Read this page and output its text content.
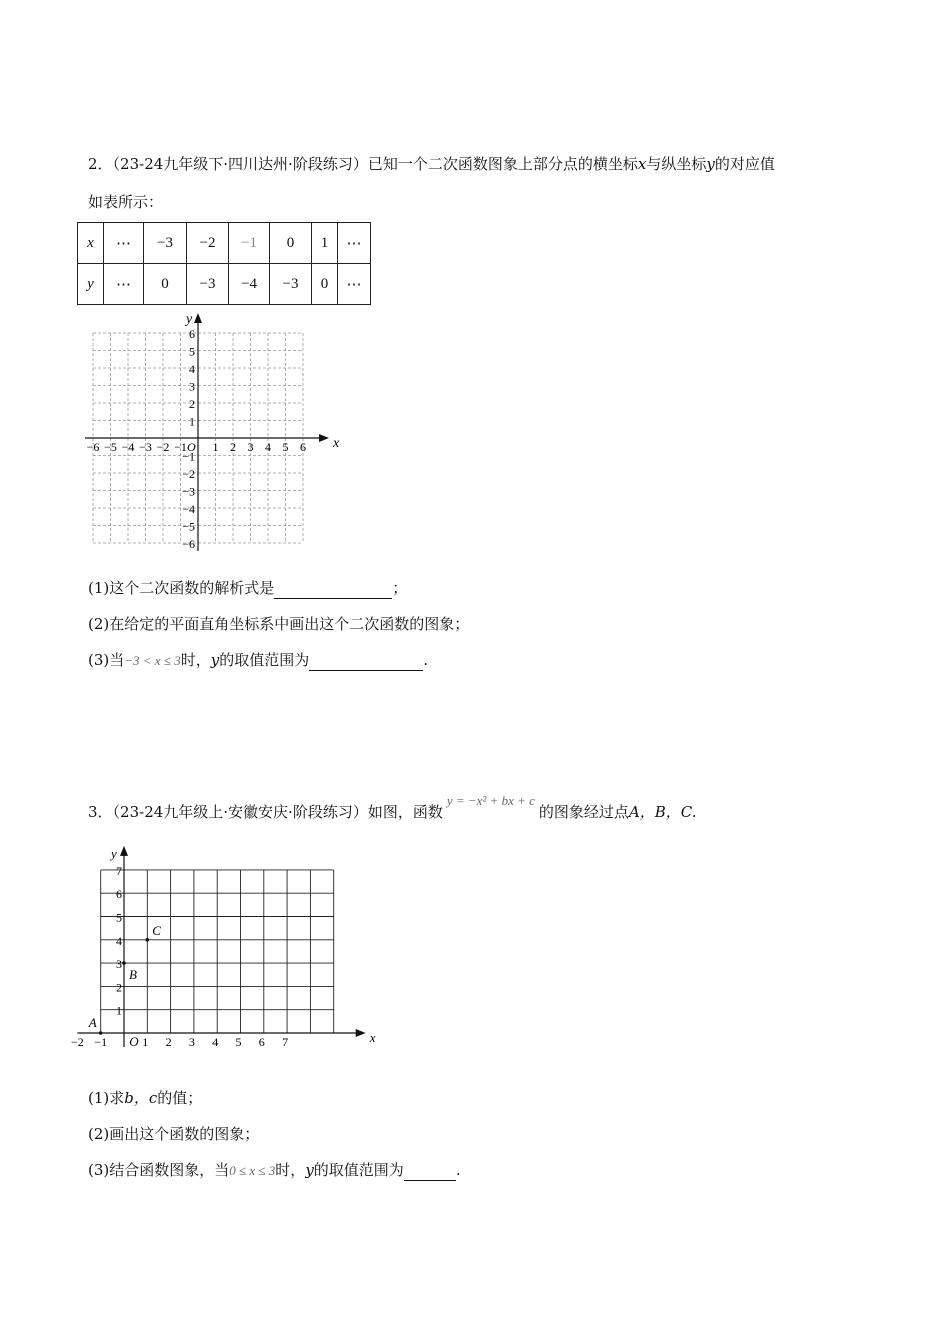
2．（23-24九年级下·四川达州·阶段练习）已知一个二次函数图象上部分点的横坐标x与纵坐标y的对应值
如表所示：
x	⋯	−3	−2	−1	0	1	⋯
y	⋯	0	−3	−4	−3	0	⋯
x
y
O
−6 −5 −4 −3 −2 −1 1 2 3 4 5 6
6
5
4
3
2
1
−1
−2
−3
−4
−5
−6
(1)这个二次函数的解析式是	；
(2)在给定的平面直角坐标系中画出这个二次函数的图象；
(3)当−3 < x ≤ 3时，y的取值范围为	.
3．（23-24九年级上·安徽安庆·阶段练习）如图，函数y = −x² + bx + c的图象经过点A，B，C.
x
y
O
−2 −1	1 2 3 4 5 6 7
1
2
3
4
5
6
7
A
B
C
(1)求b，c的值；
(2)画出这个函数的图象；
(3)结合函数图象，当0 ≤ x ≤ 3时，y的取值范围为	.
